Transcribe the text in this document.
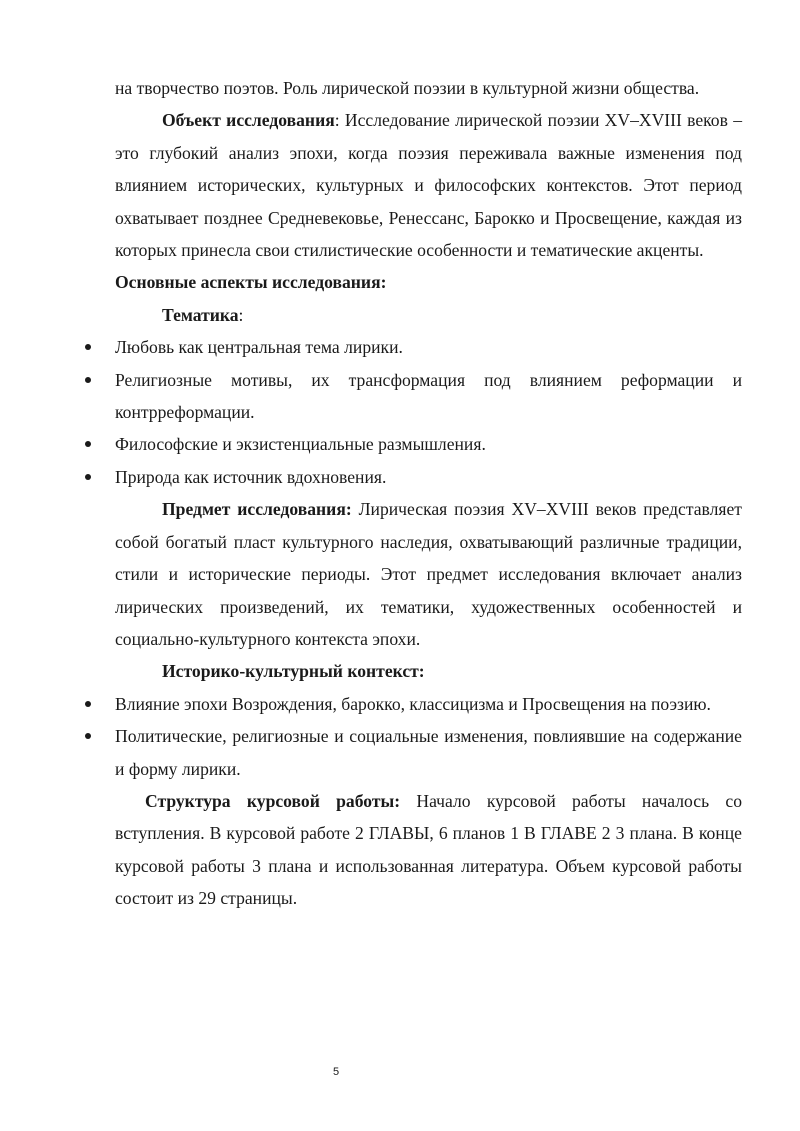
на творчество поэтов. Роль лирической поэзии в культурной жизни общества.

Объект исследования: Исследование лирической поэзии XV–XVIII веков – это глубокий анализ эпохи, когда поэзия переживала важные изменения под влиянием исторических, культурных и философских контекстов. Этот период охватывает позднее Средневековье, Ренессанс, Барокко и Просвещение, каждая из которых принесла свои стилистические особенности и тематические акценты.

Основные аспекты исследования:

Тематика:

Любовь как центральная тема лирики.
Религиозные мотивы, их трансформация под влиянием реформации и контрреформации.
Философские и экзистенциальные размышления.
Природа как источник вдохновения.

Предмет исследования: Лирическая поэзия XV–XVIII веков представляет собой богатый пласт культурного наследия, охватывающий различные традиции, стили и исторические периоды. Этот предмет исследования включает анализ лирических произведений, их тематики, художественных особенностей и социально-культурного контекста эпохи.

Историко-культурный контекст:

Влияние эпохи Возрождения, барокко, классицизма и Просвещения на поэзию.
Политические, религиозные и социальные изменения, повлиявшие на содержание и форму лирики.

Структура курсовой работы: Начало курсовой работы началось со вступления. В курсовой работе 2 ГЛАВЫ, 6 планов 1 В ГЛАВЕ 2 3 плана. В конце курсовой работы 3 плана и использованная литература. Объем курсовой работы состоит из 29 страницы.

5
